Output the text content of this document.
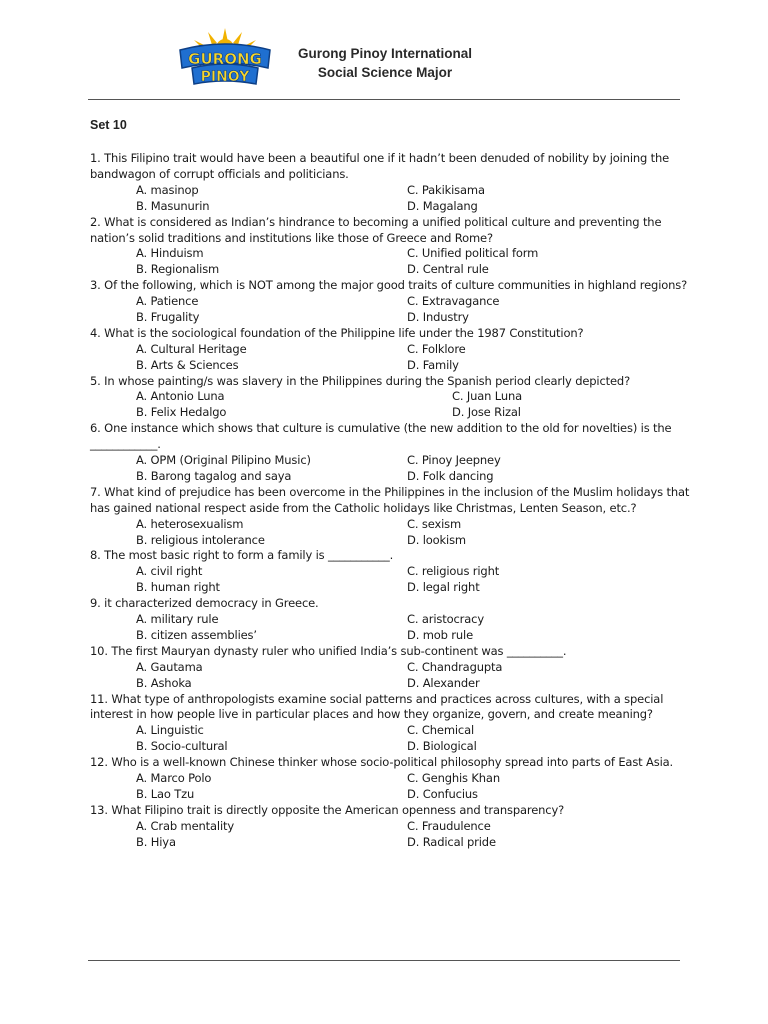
GURONG
PINOY
Gurong Pinoy International
Social Science Major
Set 10
1. This Filipino trait would have been a beautiful one if it hadn’t been denuded of nobility by joining the bandwagon of corrupt officials and politicians.
A. masinop	C. Pakikisama
B. Masunurin	D. Magalang
2. What is considered as Indian’s hindrance to becoming a unified political culture and preventing the nation’s solid traditions and institutions like those of Greece and Rome?
A. Hinduism	C. Unified political form
B. Regionalism	D. Central rule
3. Of the following, which is NOT among the major good traits of culture communities in highland regions?
A. Patience	C. Extravagance
B. Frugality	D. Industry
4. What is the sociological foundation of the Philippine life under the 1987 Constitution?
A. Cultural Heritage	C. Folklore
B. Arts & Sciences	D. Family
5. In whose painting/s was slavery in the Philippines during the Spanish period clearly depicted?
A. Antonio Luna	C. Juan Luna
B. Felix Hedalgo	D. Jose Rizal
6. One instance which shows that culture is cumulative (the new addition to the old for novelties) is the ____________.
A. OPM (Original Pilipino Music)	C. Pinoy Jeepney
B. Barong tagalog and saya	D. Folk dancing
7. What kind of prejudice has been overcome in the Philippines in the inclusion of the Muslim holidays that has gained national respect aside from the Catholic holidays like Christmas, Lenten Season, etc.?
A. heterosexualism	C. sexism
B. religious intolerance	D. lookism
8. The most basic right to form a family is ___________.
A. civil right	C. religious right
B. human right	D. legal right
9. it characterized democracy in Greece.
A. military rule	C. aristocracy
B. citizen assemblies’	D. mob rule
10. The first Mauryan dynasty ruler who unified India’s sub-continent was __________.
A. Gautama	C. Chandragupta
B. Ashoka	D. Alexander
11. What type of anthropologists examine social patterns and practices across cultures, with a special interest in how people live in particular places and how they organize, govern, and create meaning?
A. Linguistic	C. Chemical
B. Socio-cultural	D. Biological
12. Who is a well-known Chinese thinker whose socio-political philosophy spread into parts of East Asia.
A. Marco Polo	C. Genghis Khan
B. Lao Tzu	D. Confucius
13. What Filipino trait is directly opposite the American openness and transparency?
A. Crab mentality	C. Fraudulence
B. Hiya	D. Radical pride
